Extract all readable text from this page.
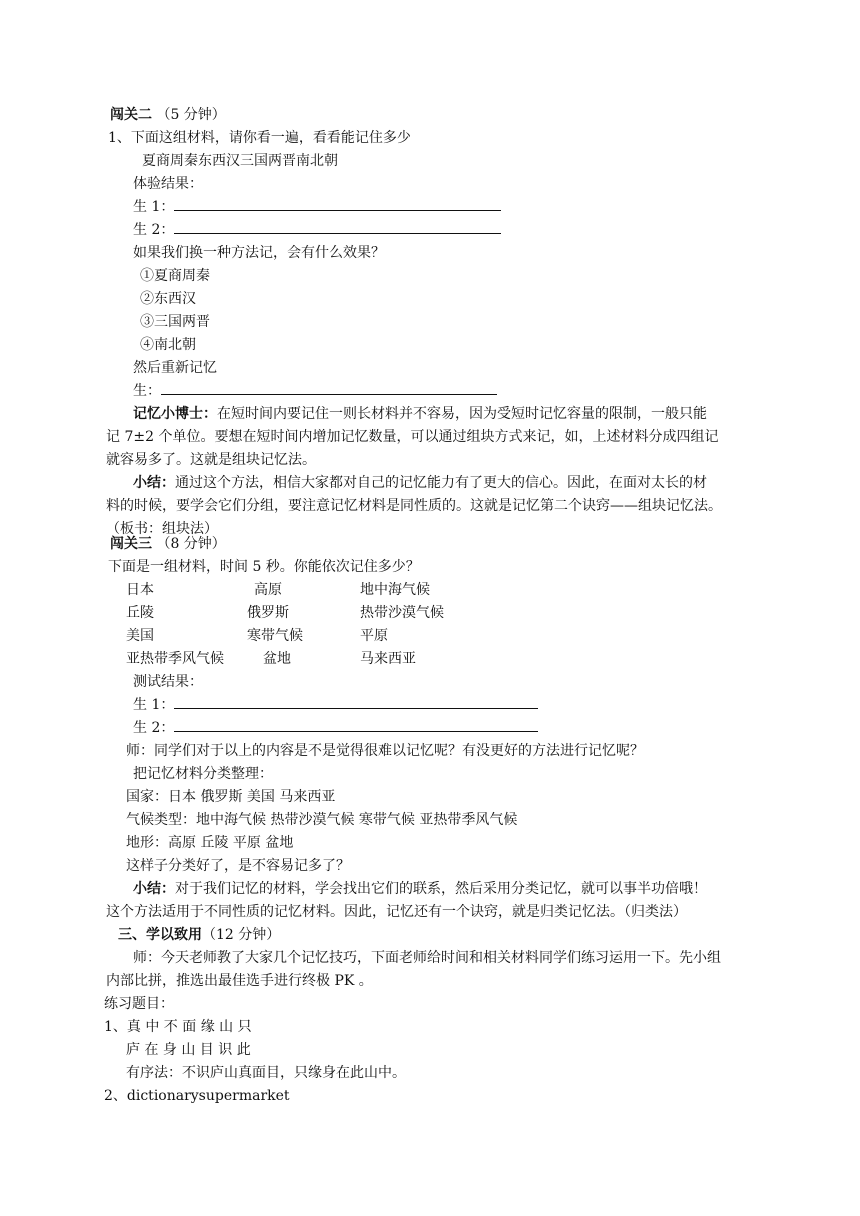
闯关二 （5 分钟）
1、下面这组材料，请你看一遍，看看能记住多少
夏商周秦东西汉三国两晋南北朝
体验结果：
生 1：
生 2：
如果我们换一种方法记，会有什么效果？
①夏商周秦
②东西汉
③三国两晋
④南北朝
然后重新记忆
生：
记忆小博士：在短时间内要记住一则长材料并不容易，因为受短时记忆容量的限制，一般只能
记 7±2 个单位。要想在短时间内增加记忆数量，可以通过组块方式来记，如，上述材料分成四组记
就容易多了。这就是组块记忆法。
小结：通过这个方法，相信大家都对自己的记忆能力有了更大的信心。因此，在面对太长的材
料的时候，要学会它们分组，要注意记忆材料是同性质的。这就是记忆第二个诀窍——组块记忆法。
（板书：组块法）
闯关三 （8 分钟）
下面是一组材料，时间 5 秒。你能依次记住多少？
日本	高原	地中海气候
丘陵	俄罗斯	热带沙漠气候
美国	寒带气候	平原
亚热带季风气候	盆地	马来西亚
测试结果：
生 1：
生 2：
师：同学们对于以上的内容是不是觉得很难以记忆呢？有没更好的方法进行记忆呢？
把记忆材料分类整理：
国家：日本 俄罗斯 美国 马来西亚
气候类型：地中海气候 热带沙漠气候 寒带气候 亚热带季风气候
地形：高原 丘陵 平原 盆地
这样子分类好了，是不容易记多了？
小结：对于我们记忆的材料，学会找出它们的联系，然后采用分类记忆，就可以事半功倍哦！
这个方法适用于不同性质的记忆材料。因此，记忆还有一个诀窍，就是归类记忆法。（归类法）
三、学以致用（12 分钟）
师：今天老师教了大家几个记忆技巧，下面老师给时间和相关材料同学们练习运用一下。先小组
内部比拼，推选出最佳选手进行终极 PK 。
练习题目：
1、真 中 不 面 缘 山 只
庐 在 身 山 目 识 此
有序法：不识庐山真面目，只缘身在此山中。
2、dictionarysupermarket
